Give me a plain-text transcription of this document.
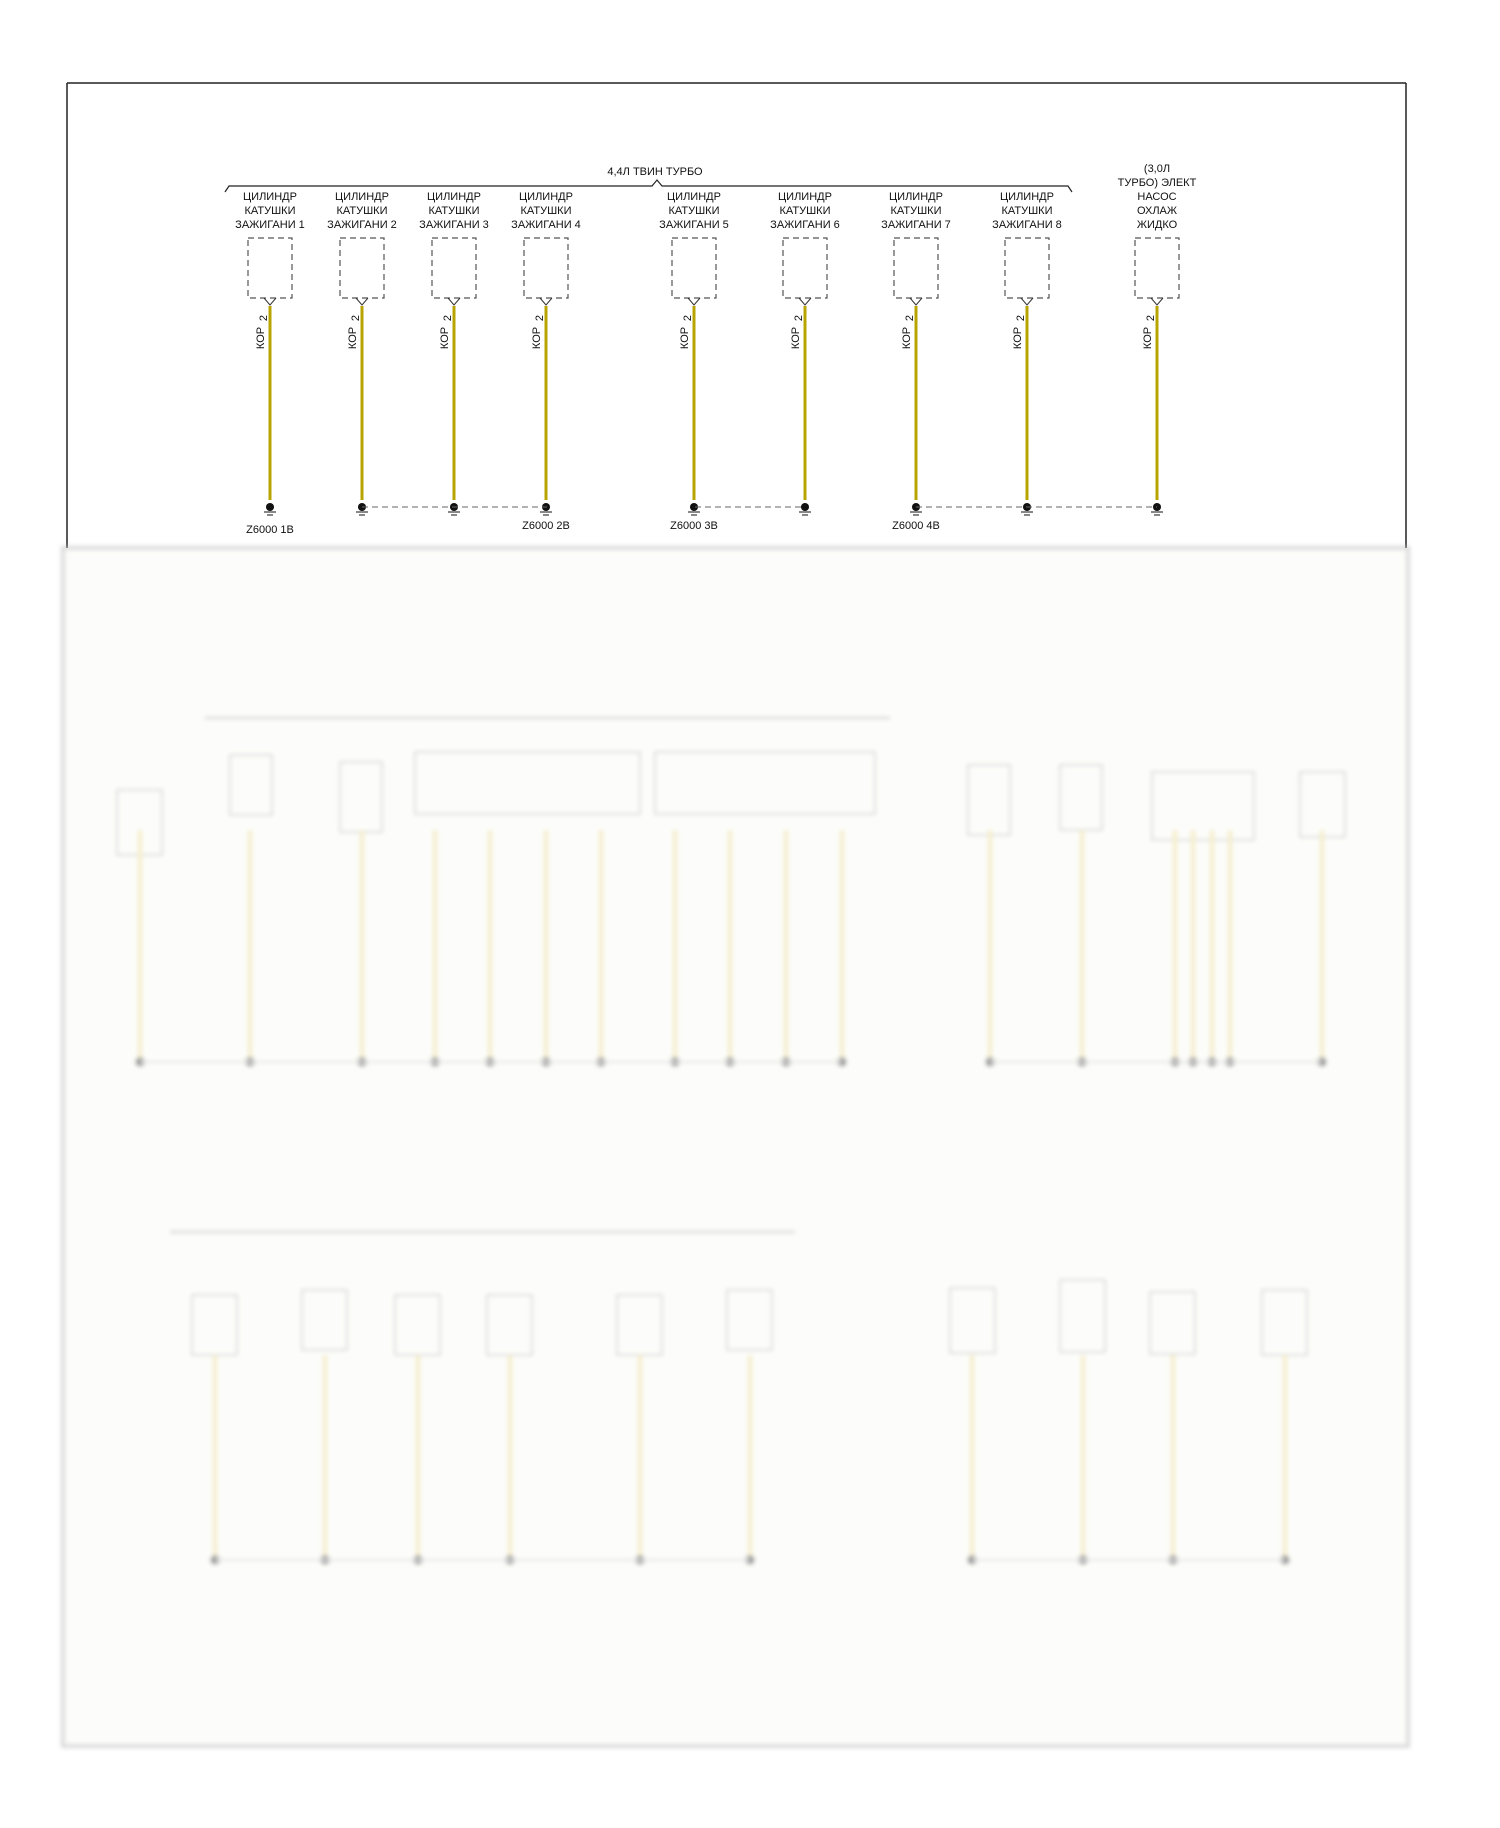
4,4Л ТВИН ТУРБО
ЦИЛИНДР
КАТУШКИ
ЗАЖИГАНИ 1
2
КОР
ЦИЛИНДР
КАТУШКИ
ЗАЖИГАНИ 2
2
КОР
ЦИЛИНДР
КАТУШКИ
ЗАЖИГАНИ 3
2
КОР
ЦИЛИНДР
КАТУШКИ
ЗАЖИГАНИ 4
2
КОР
ЦИЛИНДР
КАТУШКИ
ЗАЖИГАНИ 5
2
КОР
ЦИЛИНДР
КАТУШКИ
ЗАЖИГАНИ 6
2
КОР
ЦИЛИНДР
КАТУШКИ
ЗАЖИГАНИ 7
2
КОР
ЦИЛИНДР
КАТУШКИ
ЗАЖИГАНИ 8
2
КОР
(3,0Л
ТУРБО) ЭЛЕКТ
НАСОС
ОХЛАЖ
ЖИДКО
2
КОР
Z6000 1B	Z6000 2B	Z6000 3B	Z6000 4B
